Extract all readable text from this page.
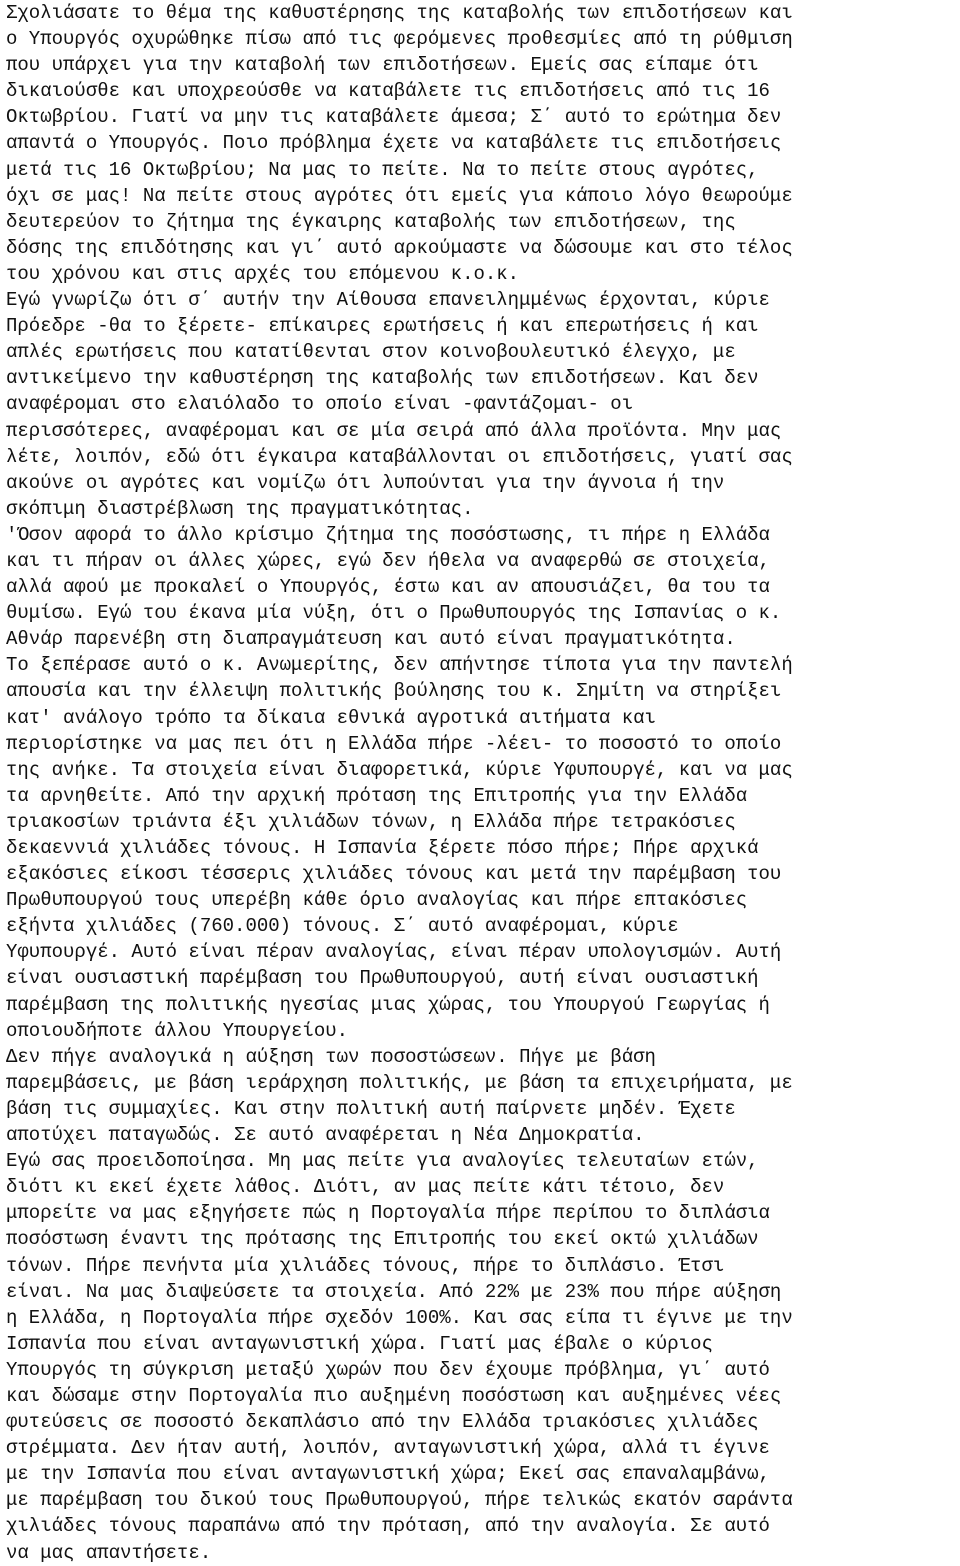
Σχολιάσατε το θέμα της καθυστέρησης της καταβολής των επιδοτήσεων και
ο Υπουργός οχυρώθηκε πίσω από τις φερόμενες προθεσμίες από τη ρύθμιση
που υπάρχει για την καταβολή των επιδοτήσεων. Εμείς σας είπαμε ότι
δικαιούσθε και υποχρεούσθε να καταβάλετε τις επιδοτήσεις από τις 16
Οκτωβρίου. Γιατί να μην τις καταβάλετε άμεσα; Σ΄ αυτό το ερώτημα δεν
απαντά ο Υπουργός. Ποιο πρόβλημα έχετε να καταβάλετε τις επιδοτήσεις
μετά τις 16 Οκτωβρίου; Να μας το πείτε. Να το πείτε στους αγρότες,
όχι σε μας! Να πείτε στους αγρότες ότι εμείς για κάποιο λόγο θεωρούμε
δευτερεύον το ζήτημα της έγκαιρης καταβολής των επιδοτήσεων, της
δόσης της επιδότησης και γι΄ αυτό αρκούμαστε να δώσουμε και στο τέλος
του χρόνου και στις αρχές του επόμενου κ.ο.κ.
Εγώ γνωρίζω ότι σ΄ αυτήν την Αίθουσα επανειλημμένως έρχονται, κύριε
Πρόεδρε -θα το ξέρετε- επίκαιρες ερωτήσεις ή και επερωτήσεις ή και
απλές ερωτήσεις που κατατίθενται στον κοινοβουλευτικό έλεγχο, με
αντικείμενο την καθυστέρηση της καταβολής των επιδοτήσεων. Και δεν
αναφέρομαι στο ελαιόλαδο το οποίο είναι -φαντάζομαι- οι
περισσότερες, αναφέρομαι και σε μία σειρά από άλλα προϊόντα. Μην μας
λέτε, λοιπόν, εδώ ότι έγκαιρα καταβάλλονται οι επιδοτήσεις, γιατί σας
ακούνε οι αγρότες και νομίζω ότι λυπούνται για την άγνοια ή την
σκόπιμη διαστρέβλωση της πραγματικότητας.
'Όσον αφορά το άλλο κρίσιμο ζήτημα της ποσόστωσης, τι πήρε η Ελλάδα
και τι πήραν οι άλλες χώρες, εγώ δεν ήθελα να αναφερθώ σε στοιχεία,
αλλά αφού με προκαλεί ο Υπουργός, έστω και αν απουσιάζει, θα του τα
θυμίσω. Εγώ του έκανα μία νύξη, ότι ο Πρωθυπουργός της Ισπανίας ο κ.
Αθνάρ παρενέβη στη διαπραγμάτευση και αυτό είναι πραγματικότητα.
Το ξεπέρασε αυτό ο κ. Ανωμερίτης, δεν απήντησε τίποτα για την παντελή
απουσία και την έλλειψη πολιτικής βούλησης του κ. Σημίτη να στηρίξει
κατ' ανάλογο τρόπο τα δίκαια εθνικά αγροτικά αιτήματα και
περιορίστηκε να μας πει ότι η Ελλάδα πήρε -λέει- το ποσοστό το οποίο
της ανήκε. Τα στοιχεία είναι διαφορετικά, κύριε Υφυπουργέ, και να μας
τα αρνηθείτε. Από την αρχική πρόταση της Επιτροπής για την Ελλάδα
τριακοσίων τριάντα έξι χιλιάδων τόνων, η Ελλάδα πήρε τετρακόσιες
δεκαεννιά χιλιάδες τόνους. Η Ισπανία ξέρετε πόσο πήρε; Πήρε αρχικά
εξακόσιες είκοσι τέσσερις χιλιάδες τόνους και μετά την παρέμβαση του
Πρωθυπουργού τους υπερέβη κάθε όριο αναλογίας και πήρε επτακόσιες
εξήντα χιλιάδες (760.000) τόνους. Σ΄ αυτό αναφέρομαι, κύριε
Υφυπουργέ. Αυτό είναι πέραν αναλογίας, είναι πέραν υπολογισμών. Αυτή
είναι ουσιαστική παρέμβαση του Πρωθυπουργού, αυτή είναι ουσιαστική
παρέμβαση της πολιτικής ηγεσίας μιας χώρας, του Υπουργού Γεωργίας ή
οποιουδήποτε άλλου Υπουργείου.
Δεν πήγε αναλογικά η αύξηση των ποσοστώσεων. Πήγε με βάση
παρεμβάσεις, με βάση ιεράρχηση πολιτικής, με βάση τα επιχειρήματα, με
βάση τις συμμαχίες. Και στην πολιτική αυτή παίρνετε μηδέν. Έχετε
αποτύχει παταγωδώς. Σε αυτό αναφέρεται η Νέα Δημοκρατία.
Εγώ σας προειδοποίησα. Μη μας πείτε για αναλογίες τελευταίων ετών,
διότι κι εκεί έχετε λάθος. Διότι, αν μας πείτε κάτι τέτοιο, δεν
μπορείτε να μας εξηγήσετε πώς η Πορτογαλία πήρε περίπου το διπλάσια
ποσόστωση έναντι της πρότασης της Επιτροπής του εκεί οκτώ χιλιάδων
τόνων. Πήρε πενήντα μία χιλιάδες τόνους, πήρε το διπλάσιο. Έτσι
είναι. Να μας διαψεύσετε τα στοιχεία. Από 22% με 23% που πήρε αύξηση
η Ελλάδα, η Πορτογαλία πήρε σχεδόν 100%. Και σας είπα τι έγινε με την
Ισπανία που είναι ανταγωνιστική χώρα. Γιατί μας έβαλε ο κύριος
Υπουργός τη σύγκριση μεταξύ χωρών που δεν έχουμε πρόβλημα, γι΄ αυτό
και δώσαμε στην Πορτογαλία πιο αυξημένη ποσόστωση και αυξημένες νέες
φυτεύσεις σε ποσοστό δεκαπλάσιο από την Ελλάδα τριακόσιες χιλιάδες
στρέμματα. Δεν ήταν αυτή, λοιπόν, ανταγωνιστική χώρα, αλλά τι έγινε
με την Ισπανία που είναι ανταγωνιστική χώρα; Εκεί σας επαναλαμβάνω,
με παρέμβαση του δικού τους Πρωθυπουργού, πήρε τελικώς εκατόν σαράντα
χιλιάδες τόνους παραπάνω από την πρόταση, από την αναλογία. Σε αυτό
να μας απαντήσετε.
